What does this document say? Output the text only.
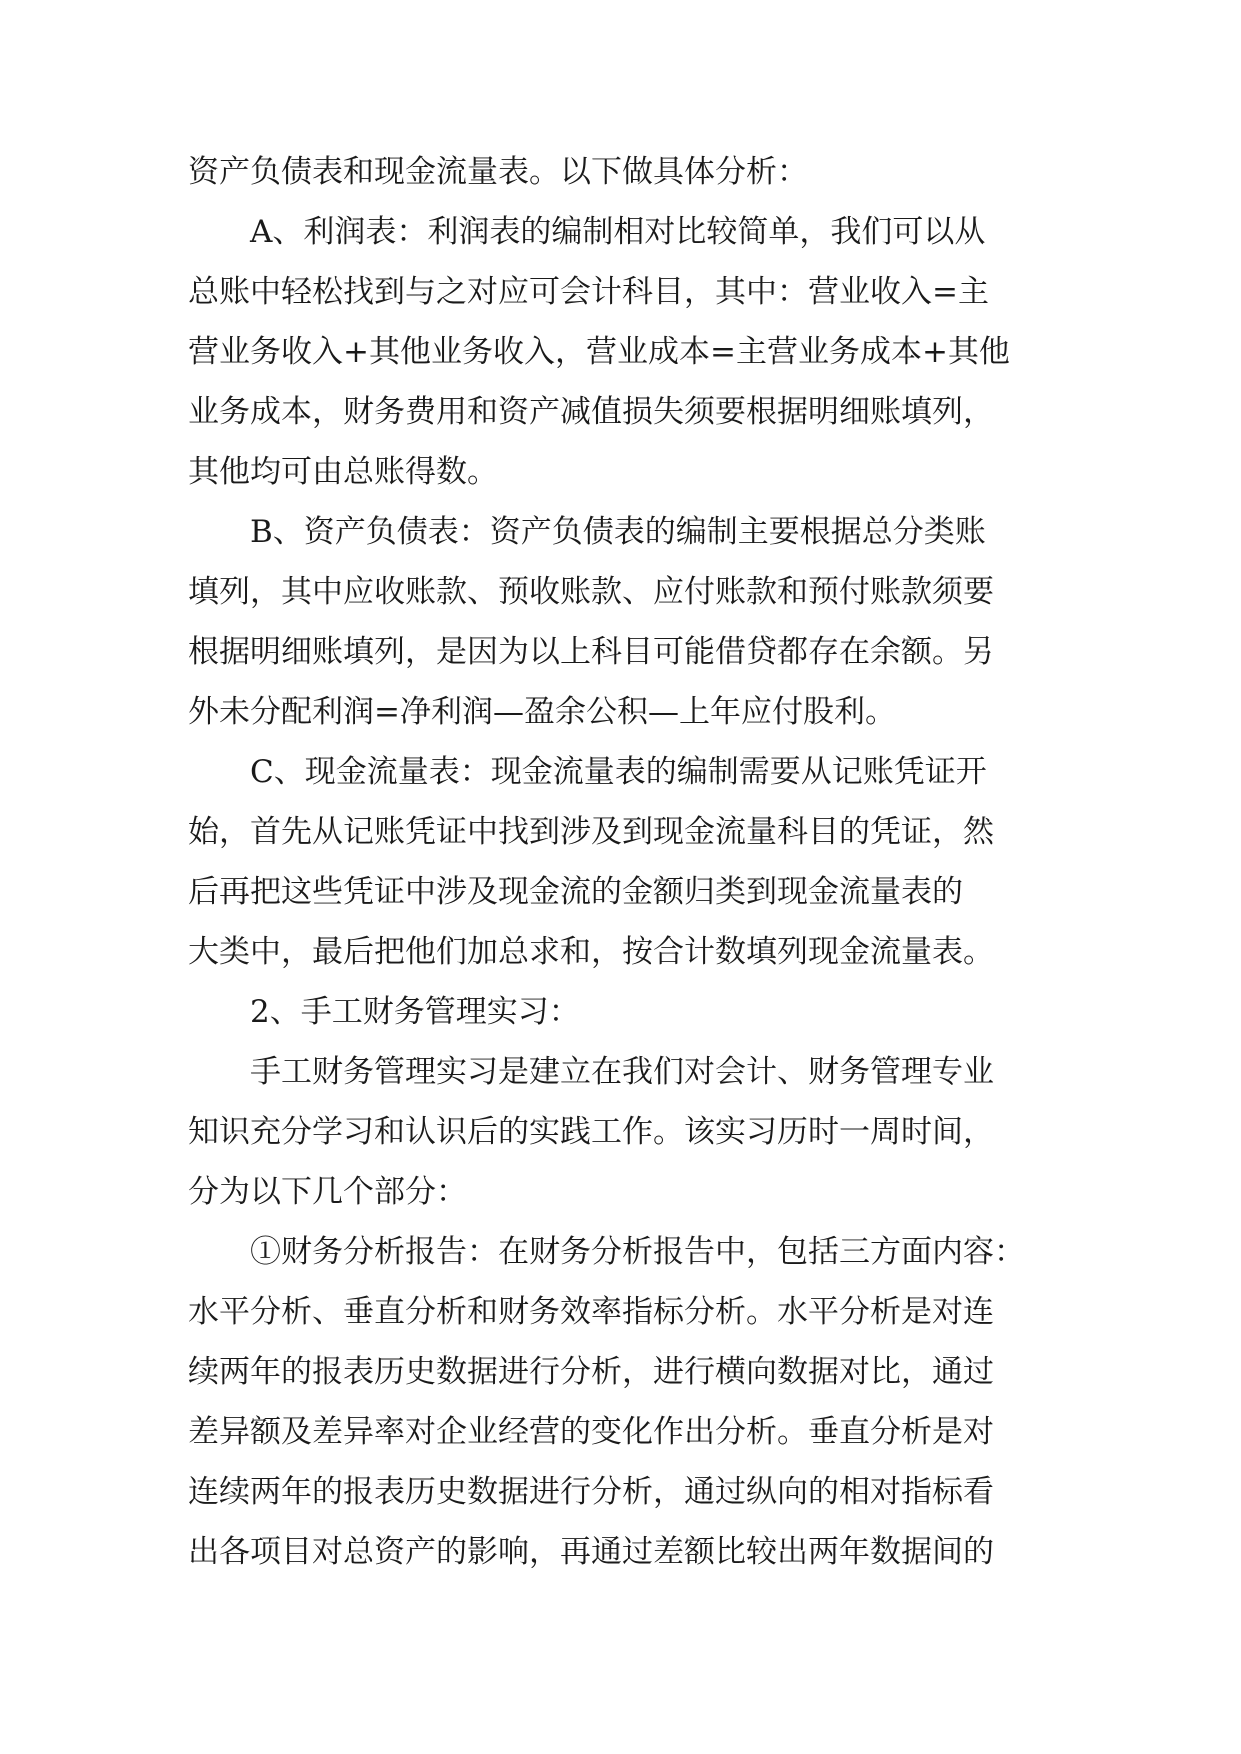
资产负债表和现金流量表。以下做具体分析：

A、利润表：利润表的编制相对比较简单，我们可以从

总账中轻松找到与之对应可会计科目，其中：营业收入=主

营业务收入+其他业务收入，营业成本=主营业务成本+其他

业务成本，财务费用和资产减值损失须要根据明细账填列，

其他均可由总账得数。

B、资产负债表：资产负债表的编制主要根据总分类账

填列，其中应收账款、预收账款、应付账款和预付账款须要

根据明细账填列，是因为以上科目可能借贷都存在余额。另

外未分配利润=净利润—盈余公积—上年应付股利。

C、现金流量表：现金流量表的编制需要从记账凭证开

始，首先从记账凭证中找到涉及到现金流量科目的凭证，然

后再把这些凭证中涉及现金流的金额归类到现金流量表的

大类中，最后把他们加总求和，按合计数填列现金流量表。

2、手工财务管理实习：

手工财务管理实习是建立在我们对会计、财务管理专业

知识充分学习和认识后的实践工作。该实习历时一周时间，

分为以下几个部分：

①财务分析报告：在财务分析报告中，包括三方面内容：

水平分析、垂直分析和财务效率指标分析。水平分析是对连

续两年的报表历史数据进行分析，进行横向数据对比，通过

差异额及差异率对企业经营的变化作出分析。垂直分析是对

连续两年的报表历史数据进行分析，通过纵向的相对指标看

出各项目对总资产的影响，再通过差额比较出两年数据间的
